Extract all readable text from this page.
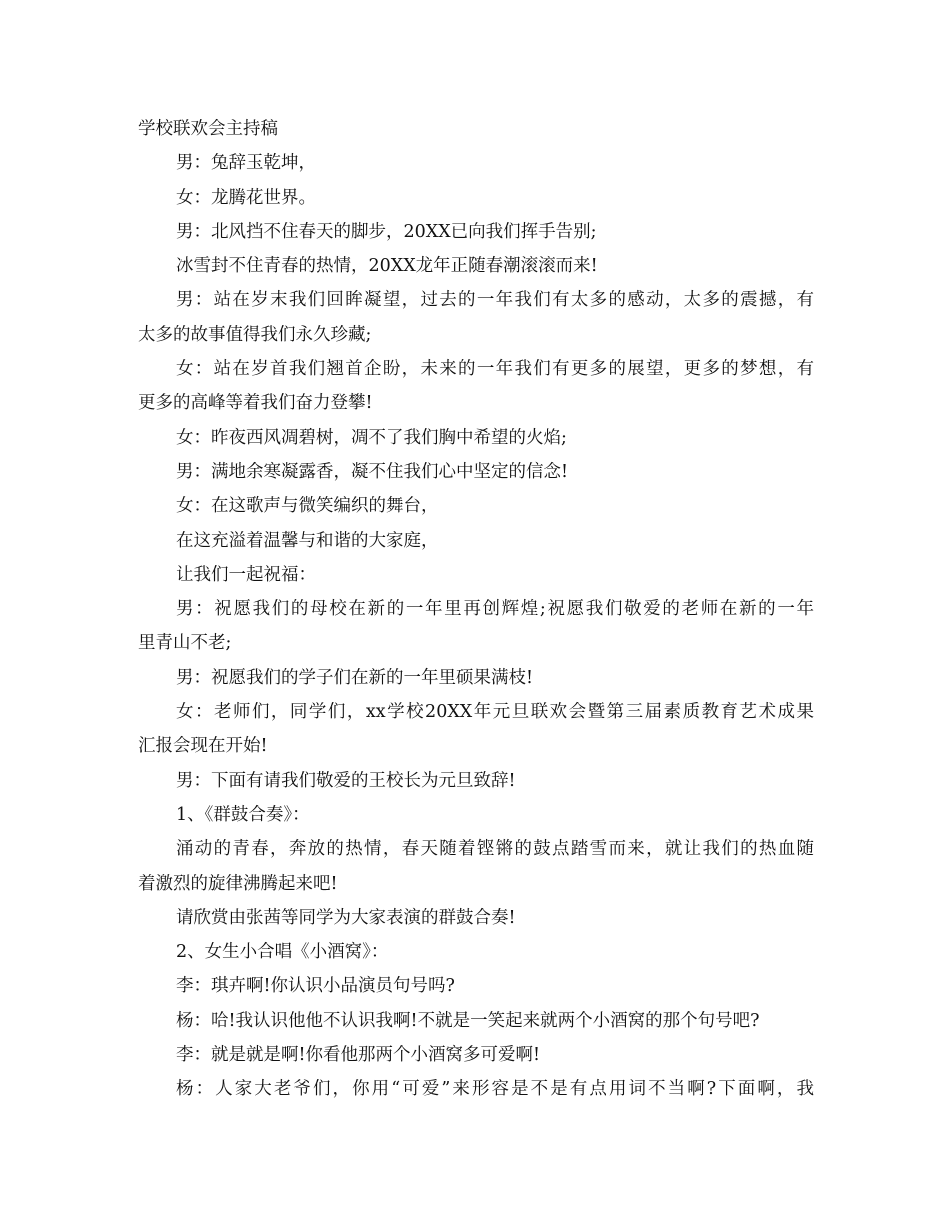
学校联欢会主持稿
男：兔辞玉乾坤，
女：龙腾花世界。
男：北风挡不住春天的脚步，20XX已向我们挥手告别;
冰雪封不住青春的热情，20XX龙年正随春潮滚滚而来!
男：站在岁末我们回眸凝望，过去的一年我们有太多的感动，太多的震撼，有
太多的故事值得我们永久珍藏;
女：站在岁首我们翘首企盼，未来的一年我们有更多的展望，更多的梦想，有
更多的高峰等着我们奋力登攀!
女：昨夜西风凋碧树，凋不了我们胸中希望的火焰;
男：满地余寒凝露香，凝不住我们心中坚定的信念!
女：在这歌声与微笑编织的舞台，
在这充溢着温馨与和谐的大家庭，
让我们一起祝福：
男：祝愿我们的母校在新的一年里再创辉煌;祝愿我们敬爱的老师在新的一年
里青山不老;
男：祝愿我们的学子们在新的一年里硕果满枝!
女：老师们，同学们，xx学校20XX年元旦联欢会暨第三届素质教育艺术成果
汇报会现在开始!
男：下面有请我们敬爱的王校长为元旦致辞!
1、《群鼓合奏》：
涌动的青春，奔放的热情，春天随着铿锵的鼓点踏雪而来，就让我们的热血随
着激烈的旋律沸腾起来吧!
请欣赏由张茜等同学为大家表演的群鼓合奏!
2、女生小合唱《小酒窝》：
李：琪卉啊!你认识小品演员句号吗?
杨：哈!我认识他他不认识我啊!不就是一笑起来就两个小酒窝的那个句号吧?
李：就是就是啊!你看他那两个小酒窝多可爱啊!
杨：人家大老爷们，你用“可爱”来形容是不是有点用词不当啊?下面啊，我
